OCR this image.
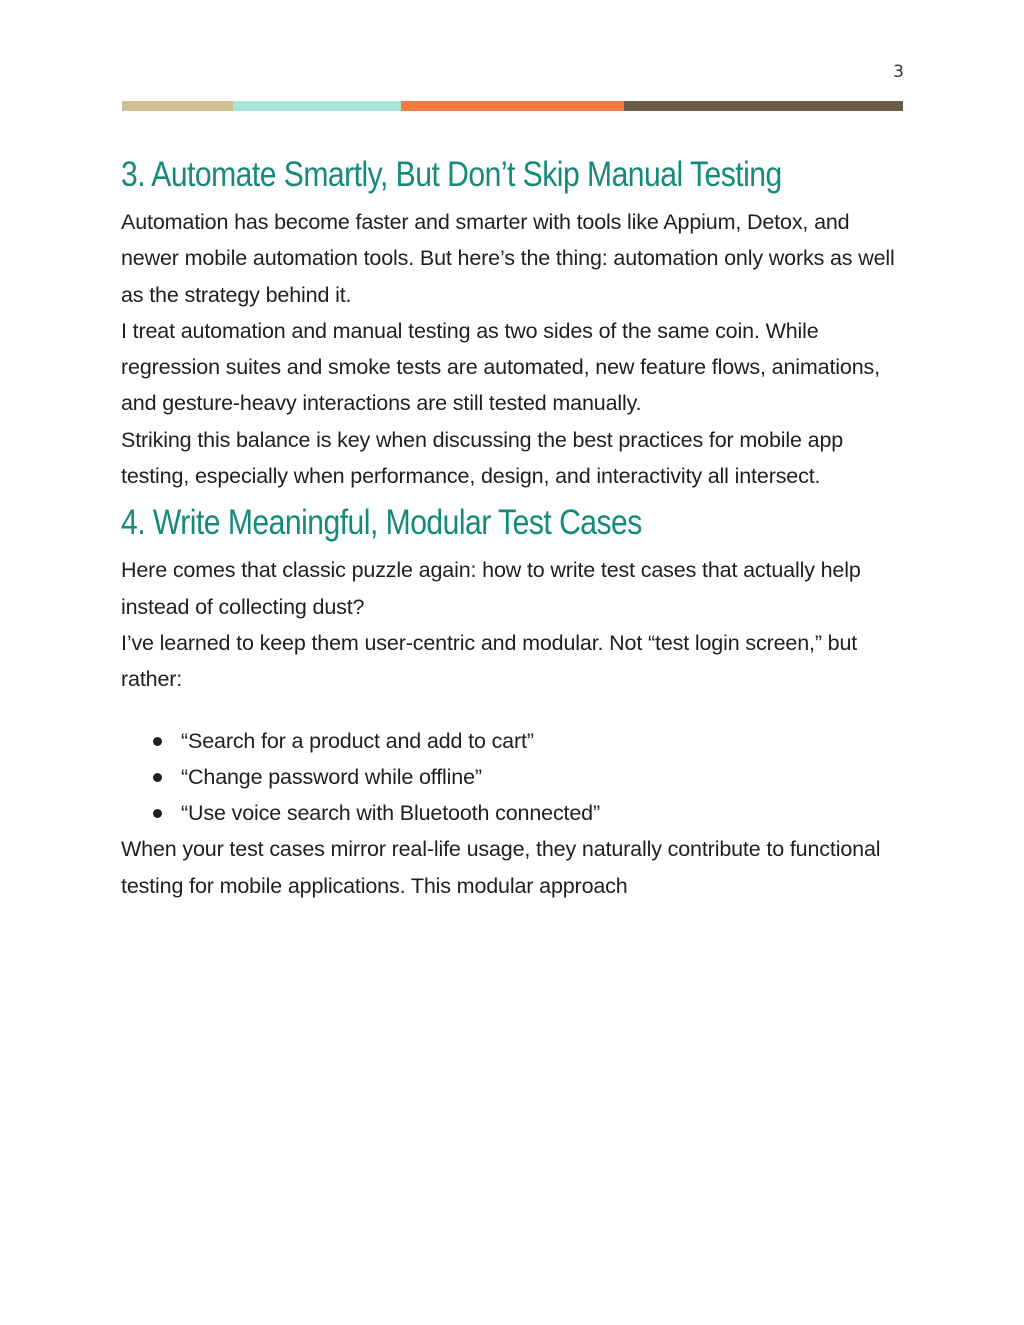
3
3. Automate Smartly, But Don’t Skip Manual Testing

Automation has become faster and smarter with tools like Appium, Detox, and newer mobile automation tools. But here’s the thing: automation only works as well as the strategy behind it.

I treat automation and manual testing as two sides of the same coin. While regression suites and smoke tests are automated, new feature flows, animations, and gesture-heavy interactions are still tested manually.

Striking this balance is key when discussing the best practices for mobile app testing, especially when performance, design, and interactivity all intersect.

4. Write Meaningful, Modular Test Cases

Here comes that classic puzzle again: how to write test cases that actually help instead of collecting dust?

I’ve learned to keep them user-centric and modular. Not “test login screen,” but rather:

“Search for a product and add to cart”
“Change password while offline”
“Use voice search with Bluetooth connected”

When your test cases mirror real-life usage, they naturally contribute to functional testing for mobile applications. This modular approach
